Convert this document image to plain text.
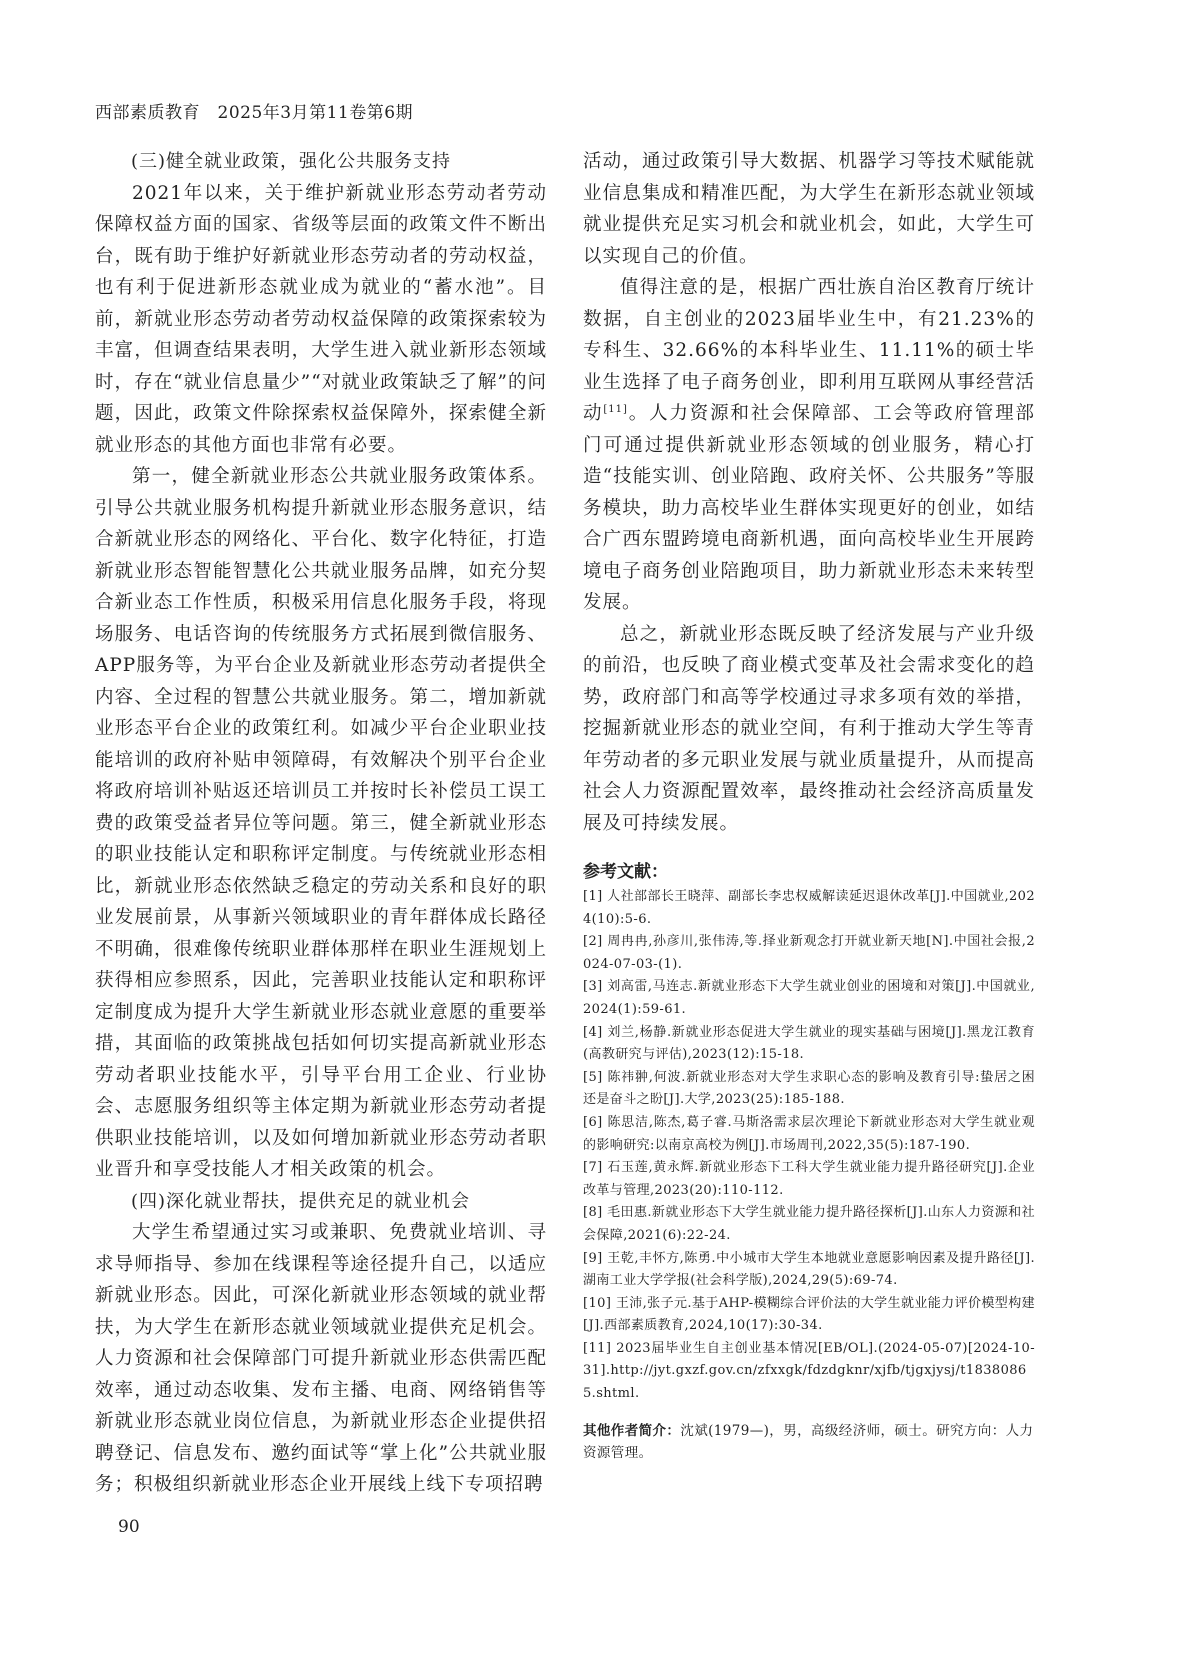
西部素质教育　2025年3月第11卷第6期

(三)健全就业政策，强化公共服务支持

2021年以来，关于维护新就业形态劳动者劳动保障权益方面的国家、省级等层面的政策文件不断出台，既有助于维护好新就业形态劳动者的劳动权益，也有利于促进新形态就业成为就业的“蓄水池”。目前，新就业形态劳动者劳动权益保障的政策探索较为丰富，但调查结果表明，大学生进入就业新形态领域时，存在“就业信息量少”“对就业政策缺乏了解”的问题，因此，政策文件除探索权益保障外，探索健全新就业形态的其他方面也非常有必要。

第一，健全新就业形态公共就业服务政策体系。引导公共就业服务机构提升新就业形态服务意识，结合新就业形态的网络化、平台化、数字化特征，打造新就业形态智能智慧化公共就业服务品牌，如充分契合新业态工作性质，积极采用信息化服务手段，将现场服务、电话咨询的传统服务方式拓展到微信服务、APP服务等，为平台企业及新就业形态劳动者提供全内容、全过程的智慧公共就业服务。第二，增加新就业形态平台企业的政策红利。如减少平台企业职业技能培训的政府补贴申领障碍，有效解决个别平台企业将政府培训补贴返还培训员工并按时长补偿员工误工费的政策受益者异位等问题。第三，健全新就业形态的职业技能认定和职称评定制度。与传统就业形态相比，新就业形态依然缺乏稳定的劳动关系和良好的职业发展前景，从事新兴领域职业的青年群体成长路径不明确，很难像传统职业群体那样在职业生涯规划上获得相应参照系，因此，完善职业技能认定和职称评定制度成为提升大学生新就业形态就业意愿的重要举措，其面临的政策挑战包括如何切实提高新就业形态劳动者职业技能水平，引导平台用工企业、行业协会、志愿服务组织等主体定期为新就业形态劳动者提供职业技能培训，以及如何增加新就业形态劳动者职业晋升和享受技能人才相关政策的机会。

(四)深化就业帮扶，提供充足的就业机会

大学生希望通过实习或兼职、免费就业培训、寻求导师指导、参加在线课程等途径提升自己，以适应新就业形态。因此，可深化新就业形态领域的就业帮扶，为大学生在新形态就业领域就业提供充足机会。人力资源和社会保障部门可提升新就业形态供需匹配效率，通过动态收集、发布主播、电商、网络销售等新就业形态就业岗位信息，为新就业形态企业提供招聘登记、信息发布、邀约面试等“掌上化”公共就业服务；积极组织新就业形态企业开展线上线下专项招聘

90

活动，通过政策引导大数据、机器学习等技术赋能就业信息集成和精准匹配，为大学生在新形态就业领域就业提供充足实习机会和就业机会，如此，大学生可以实现自己的价值。

值得注意的是，根据广西壮族自治区教育厅统计数据，自主创业的2023届毕业生中，有21.23%的专科生、32.66%的本科毕业生、11.11%的硕士毕业生选择了电子商务创业，即利用互联网从事经营活动[11]。人力资源和社会保障部、工会等政府管理部门可通过提供新就业形态领域的创业服务，精心打造“技能实训、创业陪跑、政府关怀、公共服务”等服务模块，助力高校毕业生群体实现更好的创业，如结合广西东盟跨境电商新机遇，面向高校毕业生开展跨境电子商务创业陪跑项目，助力新就业形态未来转型发展。

总之，新就业形态既反映了经济发展与产业升级的前沿，也反映了商业模式变革及社会需求变化的趋势，政府部门和高等学校通过寻求多项有效的举措，挖掘新就业形态的就业空间，有利于推动大学生等青年劳动者的多元职业发展与就业质量提升，从而提高社会人力资源配置效率，最终推动社会经济高质量发展及可持续发展。

参考文献：

[1] 人社部部长王晓萍、副部长李忠权威解读延迟退休改革[J].中国就业,2024(10):5-6.

[2] 周冉冉,孙彦川,张伟涛,等.择业新观念打开就业新天地[N].中国社会报,2024-07-03-(1).

[3] 刘高雷,马连志.新就业形态下大学生就业创业的困境和对策[J].中国就业,2024(1):59-61.

[4] 刘兰,杨静.新就业形态促进大学生就业的现实基础与困境[J].黑龙江教育(高教研究与评估),2023(12):15-18.

[5] 陈祎翀,何波.新就业形态对大学生求职心态的影响及教育引导:蛰居之困还是奋斗之盼[J].大学,2023(25):185-188.

[6] 陈思洁,陈杰,葛子睿.马斯洛需求层次理论下新就业形态对大学生就业观的影响研究:以南京高校为例[J].市场周刊,2022,35(5):187-190.

[7] 石玉莲,黄永辉.新就业形态下工科大学生就业能力提升路径研究[J].企业改革与管理,2023(20):110-112.

[8] 毛田惠.新就业形态下大学生就业能力提升路径探析[J].山东人力资源和社会保障,2021(6):22-24.

[9] 王乾,丰怀方,陈勇.中小城市大学生本地就业意愿影响因素及提升路径[J].湖南工业大学学报(社会科学版),2024,29(5):69-74.

[10] 王沛,张子元.基于AHP-模糊综合评价法的大学生就业能力评价模型构建[J].西部素质教育,2024,10(17):30-34.

[11] 2023届毕业生自主创业基本情况[EB/OL].(2024-05-07)[2024-10-31].http://jyt.gxzf.gov.cn/zfxxgk/fdzdgknr/xjfb/tjgxjysj/t18380865.shtml.

其他作者简介：沈斌(1979—)，男，高级经济师，硕士。研究方向：人力资源管理。
